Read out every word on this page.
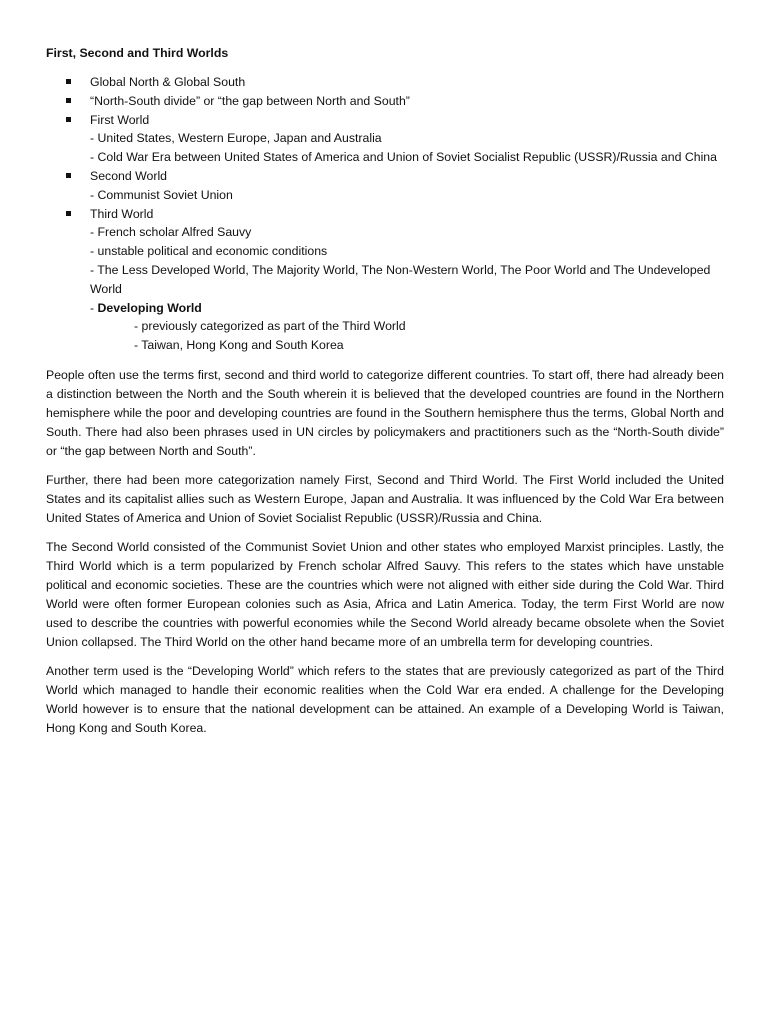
First, Second and Third Worlds
Global North & Global South
“North-South divide” or “the gap between North and South”
First World
- United States, Western Europe, Japan and Australia
- Cold War Era between United States of America and Union of Soviet Socialist Republic (USSR)/Russia and China
Second World
- Communist Soviet Union
Third World
- French scholar Alfred Sauvy
- unstable political and economic conditions
- The Less Developed World, The Majority World, The Non-Western World, The Poor World and The Undeveloped World
- Developing World
- previously categorized as part of the Third World
- Taiwan, Hong Kong and South Korea

People often use the terms first, second and third world to categorize different countries. To start off, there had already been a distinction between the North and the South wherein it is believed that the developed countries are found in the Northern hemisphere while the poor and developing countries are found in the Southern hemisphere thus the terms, Global North and South. There had also been phrases used in UN circles by policymakers and practitioners such as the “North-South divide” or “the gap between North and South”.

Further, there had been more categorization namely First, Second and Third World. The First World included the United States and its capitalist allies such as Western Europe, Japan and Australia. It was influenced by the Cold War Era between United States of America and Union of Soviet Socialist Republic (USSR)/Russia and China.

The Second World consisted of the Communist Soviet Union and other states who employed Marxist principles. Lastly, the Third World which is a term popularized by French scholar Alfred Sauvy. This refers to the states which have unstable political and economic societies. These are the countries which were not aligned with either side during the Cold War. Third World were often former European colonies such as Asia, Africa and Latin America. Today, the term First World are now used to describe the countries with powerful economies while the Second World already became obsolete when the Soviet Union collapsed. The Third World on the other hand became more of an umbrella term for developing countries.

Another term used is the “Developing World” which refers to the states that are previously categorized as part of the Third World which managed to handle their economic realities when the Cold War era ended. A challenge for the Developing World however is to ensure that the national development can be attained. An example of a Developing World is Taiwan, Hong Kong and South Korea.
